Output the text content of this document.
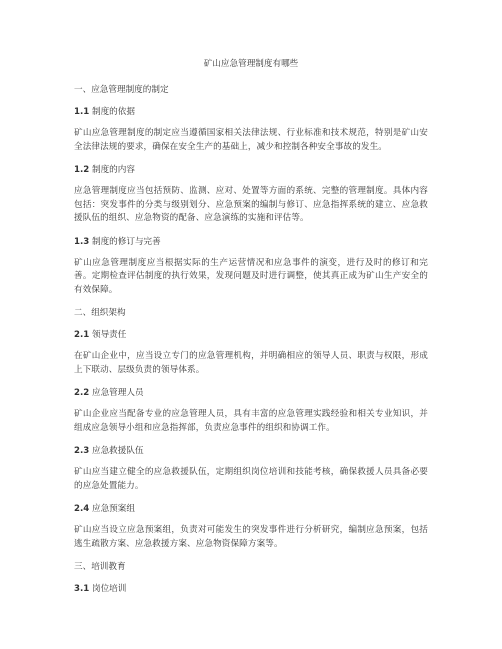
矿山应急管理制度有哪些
一、应急管理制度的制定
1.1 制度的依据
矿山应急管理制度的制定应当遵循国家相关法律法规、行业标准和技术规范，特别是矿山安全法律法规的要求，确保在安全生产的基础上，减少和控制各种安全事故的发生。
1.2 制度的内容
应急管理制度应当包括预防、监测、应对、处置等方面的系统、完整的管理制度。具体内容包括：突发事件的分类与级别划分、应急预案的编制与修订、应急指挥系统的建立、应急救援队伍的组织、应急物资的配备、应急演练的实施和评估等。
1.3 制度的修订与完善
矿山应急管理制度应当根据实际的生产运营情况和应急事件的演变，进行及时的修订和完善。定期检查评估制度的执行效果，发现问题及时进行调整，使其真正成为矿山生产安全的有效保障。
二、组织架构
2.1 领导责任
在矿山企业中，应当设立专门的应急管理机构，并明确相应的领导人员、职责与权限，形成上下联动、层级负责的领导体系。
2.2 应急管理人员
矿山企业应当配备专业的应急管理人员，具有丰富的应急管理实践经验和相关专业知识，并组成应急领导小组和应急指挥部，负责应急事件的组织和协调工作。
2.3 应急救援队伍
矿山应当建立健全的应急救援队伍，定期组织岗位培训和技能考核，确保救援人员具备必要的应急处置能力。
2.4 应急预案组
矿山应当设立应急预案组，负责对可能发生的突发事件进行分析研究，编制应急预案，包括逃生疏散方案、应急救援方案、应急物资保障方案等。
三、培训教育
3.1 岗位培训
